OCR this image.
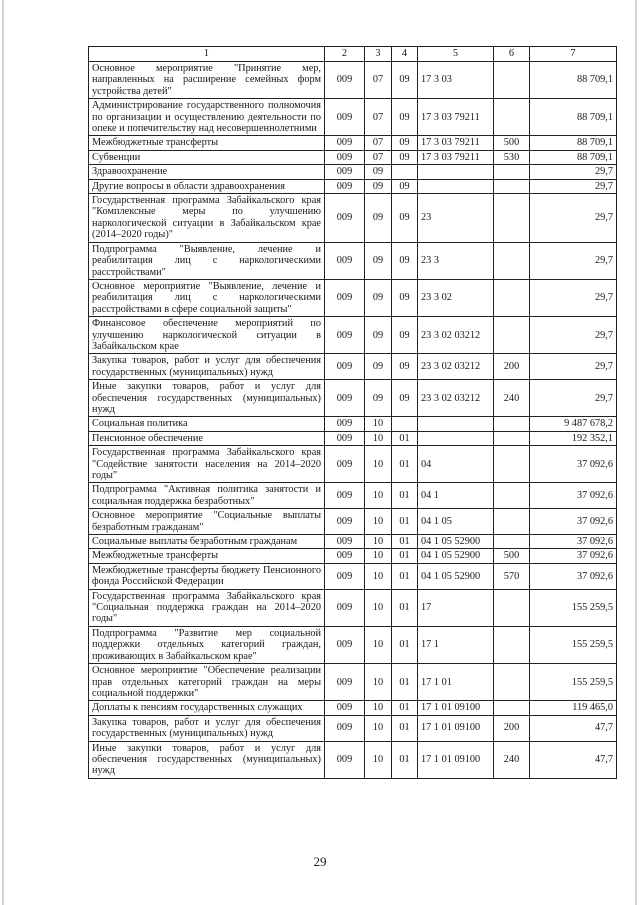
1	2	3	4	5	6	7
Основное мероприятие "Принятие мер, направленных на расширение семейных форм устройства детей"	009	07	09	17 3 03		88 709,1
Администрирование государственного полномочия по организации и осуществлению деятельности по опеке и попечительству над несовершеннолетними	009	07	09	17 3 03 79211		88 709,1
Межбюджетные трансферты	009	07	09	17 3 03 79211	500	88 709,1
Субвенции	009	07	09	17 3 03 79211	530	88 709,1
Здравоохранение	009	09				29,7
Другие вопросы в области здравоохранения	009	09	09			29,7
Государственная программа Забайкальского края "Комплексные меры по улучшению наркологической ситуации в Забайкальском крае (2014–2020 годы)"	009	09	09	23		29,7
Подпрограмма "Выявление, лечение и реабилитация лиц с наркологическими расстройствами"	009	09	09	23 3		29,7
Основное мероприятие "Выявление, лечение и реабилитация лиц с наркологическими расстройствами в сфере социальной защиты"	009	09	09	23 3 02		29,7
Финансовое обеспечение мероприятий по улучшению наркологической ситуации в Забайкальском крае	009	09	09	23 3 02 03212		29,7
Закупка товаров, работ и услуг для обеспечения государственных (муниципальных) нужд	009	09	09	23 3 02 03212	200	29,7
Иные закупки товаров, работ и услуг для обеспечения государственных (муниципальных) нужд	009	09	09	23 3 02 03212	240	29,7
Социальная политика	009	10				9 487 678,2
Пенсионное обеспечение	009	10	01			192 352,1
Государственная программа Забайкальского края "Содействие занятости населения на 2014–2020 годы"	009	10	01	04		37 092,6
Подпрограмма "Активная политика занятости и социальная поддержка безработных"	009	10	01	04 1		37 092,6
Основное мероприятие "Социальные выплаты безработным гражданам"	009	10	01	04 1 05		37 092,6
Социальные выплаты безработным гражданам	009	10	01	04 1 05 52900		37 092,6
Межбюджетные трансферты	009	10	01	04 1 05 52900	500	37 092,6
Межбюджетные трансферты бюджету Пенсионного фонда Российской Федерации	009	10	01	04 1 05 52900	570	37 092,6
Государственная программа Забайкальского края "Социальная поддержка граждан на 2014–2020 годы"	009	10	01	17		155 259,5
Подпрограмма "Развитие мер социальной поддержки отдельных категорий граждан, проживающих в Забайкальском крае"	009	10	01	17 1		155 259,5
Основное мероприятие "Обеспечение реализации прав отдельных категорий граждан на меры социальной поддержки"	009	10	01	17 1 01		155 259,5
Доплаты к пенсиям государственных служащих	009	10	01	17 1 01 09100		119 465,0
Закупка товаров, работ и услуг для обеспечения государственных (муниципальных) нужд	009	10	01	17 1 01 09100	200	47,7
Иные закупки товаров, работ и услуг для обеспечения государственных (муниципальных) нужд	009	10	01	17 1 01 09100	240	47,7
29
